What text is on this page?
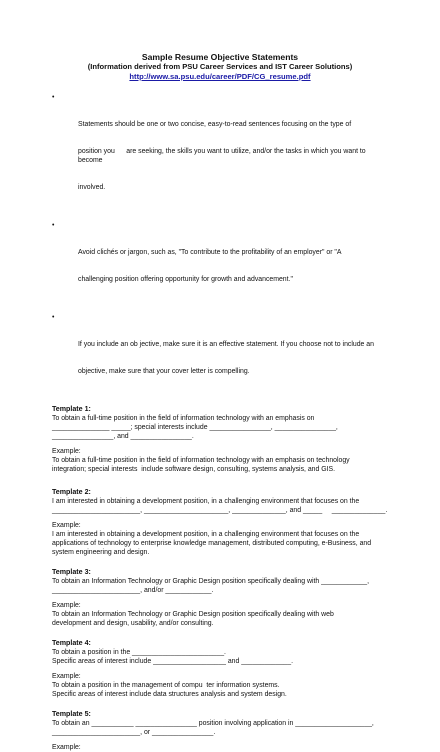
Sample Resume Objective Statements
(Information derived from PSU Career Services and IST Career Solutions)
http://www.sa.psu.edu/career/PDF/CG_resume.pdf

•

Statements should be one or two concise, easy-to-read sentences focusing on the type of

position you      are seeking, the skills you want to utilize, and/or the tasks in which you want to become

involved.

•

Avoid clichés or jargon, such as, "To contribute to the profitability of an employer" or "A

challenging position offering opportunity for growth and advancement."

•

If you include an ob jective, make sure it is an effective statement. If you choose not to include an

objective, make sure that your cover letter is compelling.

Template 1:
To obtain a full-time position in the field of information technology with an emphasis on
_______________ _____; special interests include ________________, ________________,
________________, and ________________.
Example:
To obtain a full-time position in the field of information technology with an emphasis on technology
integration; special interests  include software design, consulting, systems analysis, and GIS.
Template 2:
I am interested in obtaining a development position, in a challenging environment that focuses on the
_______________________, ______________________, ______________, and _____     ______________.
Example:
I am interested in obtaining a development position, in a challenging environment that focuses on the
applications of technology to enterprise knowledge management, distributed computing, e-Business, and
system engineering and design.
Template 3:
To obtain an Information Technology or Graphic Design position specifically dealing with ____________,
_______________________, and/or ____________.
Example:
To obtain an Information Technology or Graphic Design position specifically dealing with web
development and design, usability, and/or consulting.
Template 4:
To obtain a position in the ________________________.
Specific areas of interest include ___________________ and _____________.
Example:
To obtain a position in the management of compu  ter information systems.
Specific areas of interest include data structures analysis and system design.
Template 5:
To obtain an ___________ ________________ position involving application in ____________________,
_______________________, or ________________.
Example:
